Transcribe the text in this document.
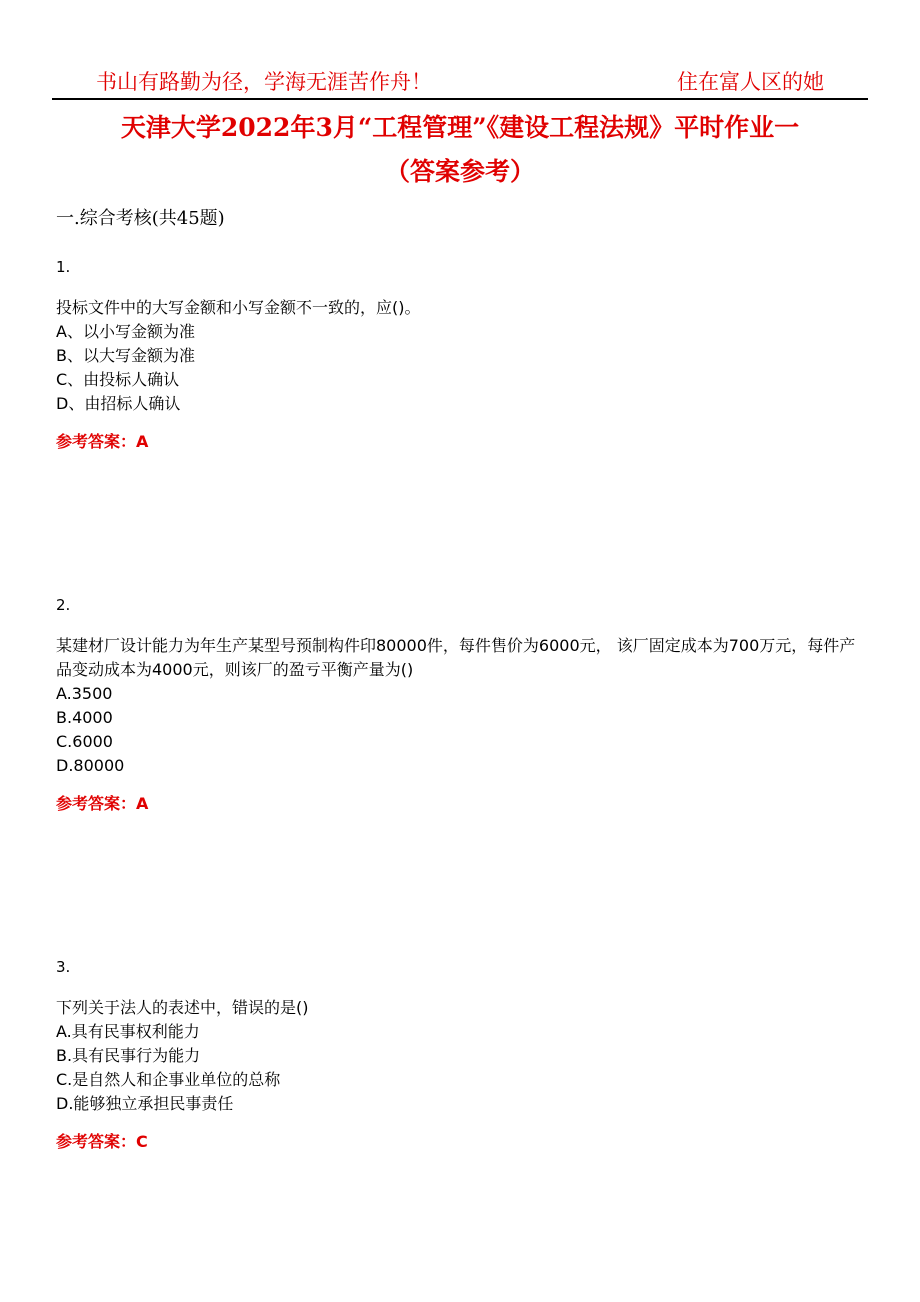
书山有路勤为径，学海无涯苦作舟！	住在富人区的她
天津大学2022年3月“工程管理”《建设工程法规》平时作业一
（答案参考）
一.综合考核(共45题)
1.
投标文件中的大写金额和小写金额不一致的，应()。
A、以小写金额为准
B、以大写金额为准
C、由投标人确认
D、由招标人确认
参考答案：A
2.
某建材厂设计能力为年生产某型号预制构件印80000件，每件售价为6000元， 该厂固定成本为700万元，每件产品变动成本为4000元，则该厂的盈亏平衡产量为()
A.3500
B.4000
C.6000
D.80000
参考答案：A
3.
下列关于法人的表述中，错误的是()
A.具有民事权利能力
B.具有民事行为能力
C.是自然人和企事业单位的总称
D.能够独立承担民事责任
参考答案：C
